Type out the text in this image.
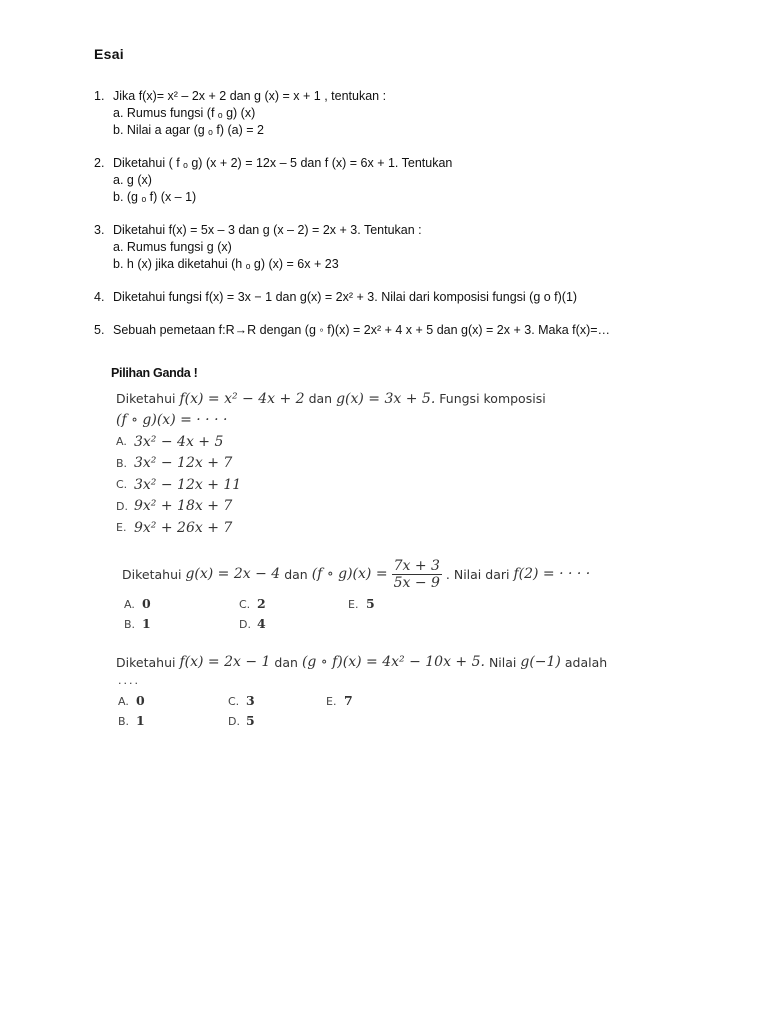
Esai
1. Jika f(x)= x² – 2x + 2 dan g (x) = x + 1 , tentukan :
a. Rumus fungsi (f ₒ g) (x)
b. Nilai a agar (g ₒ f) (a) = 2
2. Diketahui ( f ₒ g) (x + 2) = 12x – 5 dan f (x) = 6x + 1. Tentukan
a. g (x)
b. (g ₒ f) (x – 1)
3. Diketahui f(x) = 5x – 3 dan g (x – 2) = 2x + 3. Tentukan :
a. Rumus fungsi g (x)
b. h (x) jika diketahui (h ₒ g) (x) = 6x + 23
4. Diketahui fungsi f(x) = 3x − 1 dan g(x) = 2x² + 3. Nilai dari komposisi fungsi (g o f)(1)
5. Sebuah pemetaan f:R→R dengan (g ◦ f)(x) = 2x² + 4 x + 5 dan g(x) = 2x + 3. Maka f(x)=…
Pilihan Ganda !
Diketahui
f(x) = x² − 4x + 2
dan
g(x) = 3x + 5.
Fungsi komposisi
(f ∘ g)(x) = · · · ·
A. 3x² − 4x + 5
B. 3x² − 12x + 7
C. 3x² − 12x + 11
D. 9x² + 18x + 7
E. 9x² + 26x + 7
Diketahui
g(x) = 2x − 4
dan
(f ∘ $g)(x) = \frac{7x + 3}{5x - 9}$ . Nilai dari
f(2) = · · · ·
A. 0	C. 2	E. 5
B. 1	D. 4
Diketahui
f(x) = 2x − 1
dan
(g ∘ f)(x) = 4x² − 10x + 5.
Nilai
g(−1)
adalah
....
A. 0	C. 3	E. 7
B. 1	D. 5
